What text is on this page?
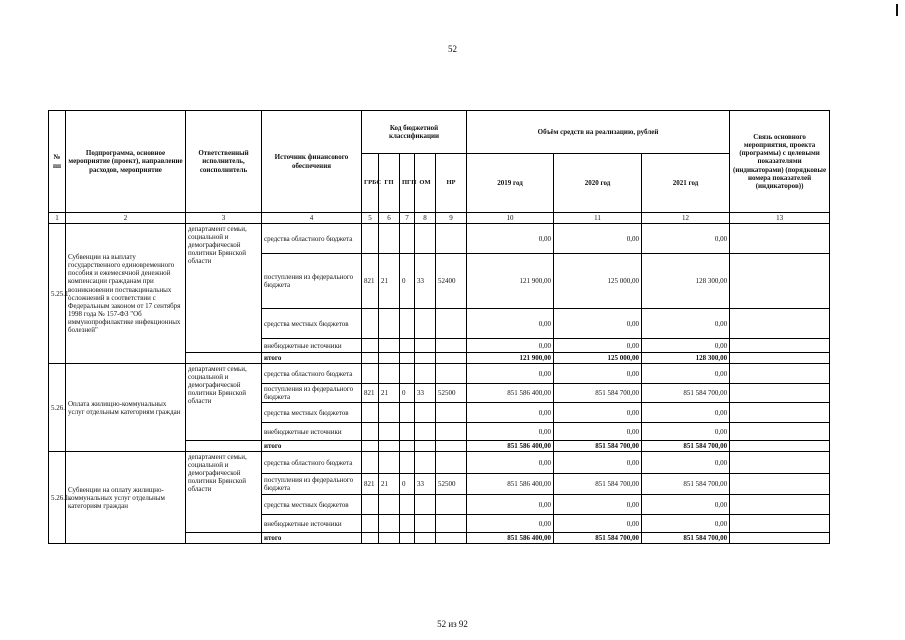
52
№ пп	Подпрограмма, основное мероприятие (проект), направление расходов, мероприятие	Ответственный исполнитель, соисполнитель	Источник финансового обеспечения	Код бюджетной классификации					Объём средств на реализацию, рублей			Связь основного мероприятия, проекта (программы) с целевыми показателями (индикаторами) (порядковые номера показателей (индикаторов))
				ГРБС	ГП	ПГП	ОМ	НР	2019 год	2020 год	2021 год	
1	2	3	4	5	6	7	8	9	10	11	12	13
5.25.1.	Субвенции на выплату государственного единовременного пособия и ежемесячной денежной компенсации гражданам при возникновении поствакцинальных осложнений в соответствии с Федеральным законом от 17 сентября 1998 года № 157-ФЗ "Об иммунопрофилактике инфекционных болезней"	департамент семьи, социальной и демографической политики Брянской области	средства областного бюджета						0,00	0,00	0,00	
			поступления из федерального бюджета	821	21	0	33	52400	121 900,00	125 000,00	128 300,00	
			средства местных бюджетов						0,00	0,00	0,00	
			внебюджетные источники						0,00	0,00	0,00	
			итого						121 900,00	125 000,00	128 300,00	
5.26.	Оплата жилищно-коммунальных услуг отдельным категориям граждан	департамент семьи, социальной и демографической политики Брянской области	средства областного бюджета						0,00	0,00	0,00	
			поступления из федерального бюджета	821	21	0	33	52500	851 586 400,00	851 584 700,00	851 584 700,00	
			средства местных бюджетов						0,00	0,00	0,00	
			внебюджетные источники						0,00	0,00	0,00	
			итого						851 586 400,00	851 584 700,00	851 584 700,00	
5.26.1.	Субвенции на оплату жилищно-коммунальных услуг отдельным категориям граждан	департамент семьи, социальной и демографической политики Брянской области	средства областного бюджета						0,00	0,00	0,00	
			поступления из федерального бюджета	821	21	0	33	52500	851 586 400,00	851 584 700,00	851 584 700,00	
			средства местных бюджетов						0,00	0,00	0,00	
			внебюджетные источники						0,00	0,00	0,00	
			итого						851 586 400,00	851 584 700,00	851 584 700,00	
52 из 92
